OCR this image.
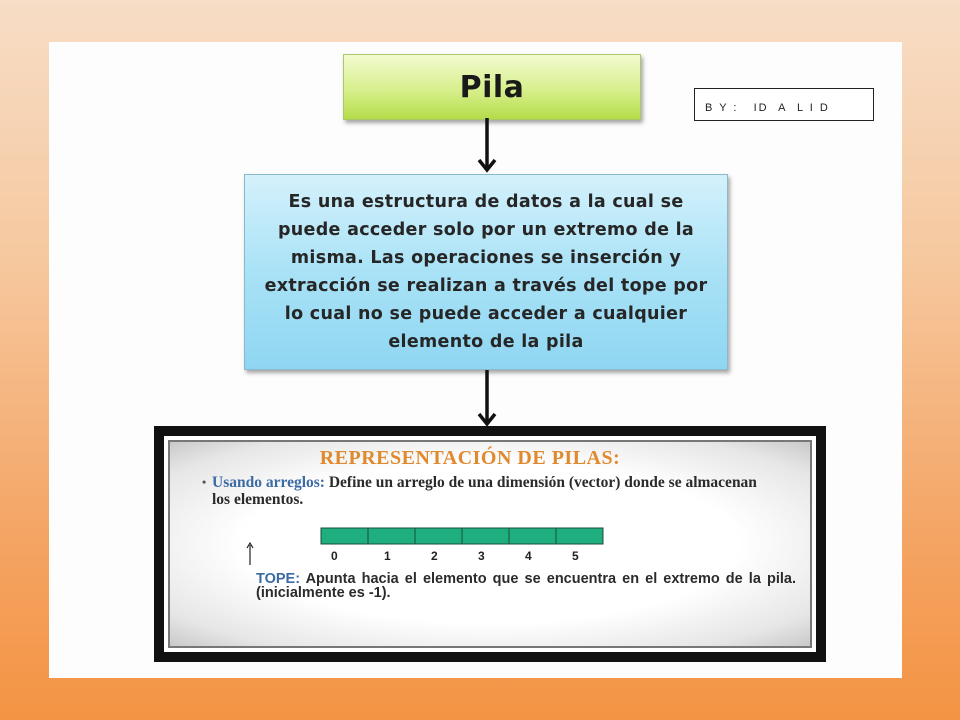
Pila
B Y :   ID  A  L I D
Es una estructura de datos a la cual se puede acceder solo por un extremo de la misma. Las operaciones se inserción y extracción se realizan a través del tope por lo cual no se puede acceder a cualquier elemento de la pila
REPRESENTACIÓN DE PILAS:
• Usando arreglos: Define un arreglo de una dimensión (vector) donde se almacenan los elementos.
0	1	2	3	4	5
TOPE: Apunta hacia el elemento que se encuentra en el extremo de la pila. (inicialmente es -1).
